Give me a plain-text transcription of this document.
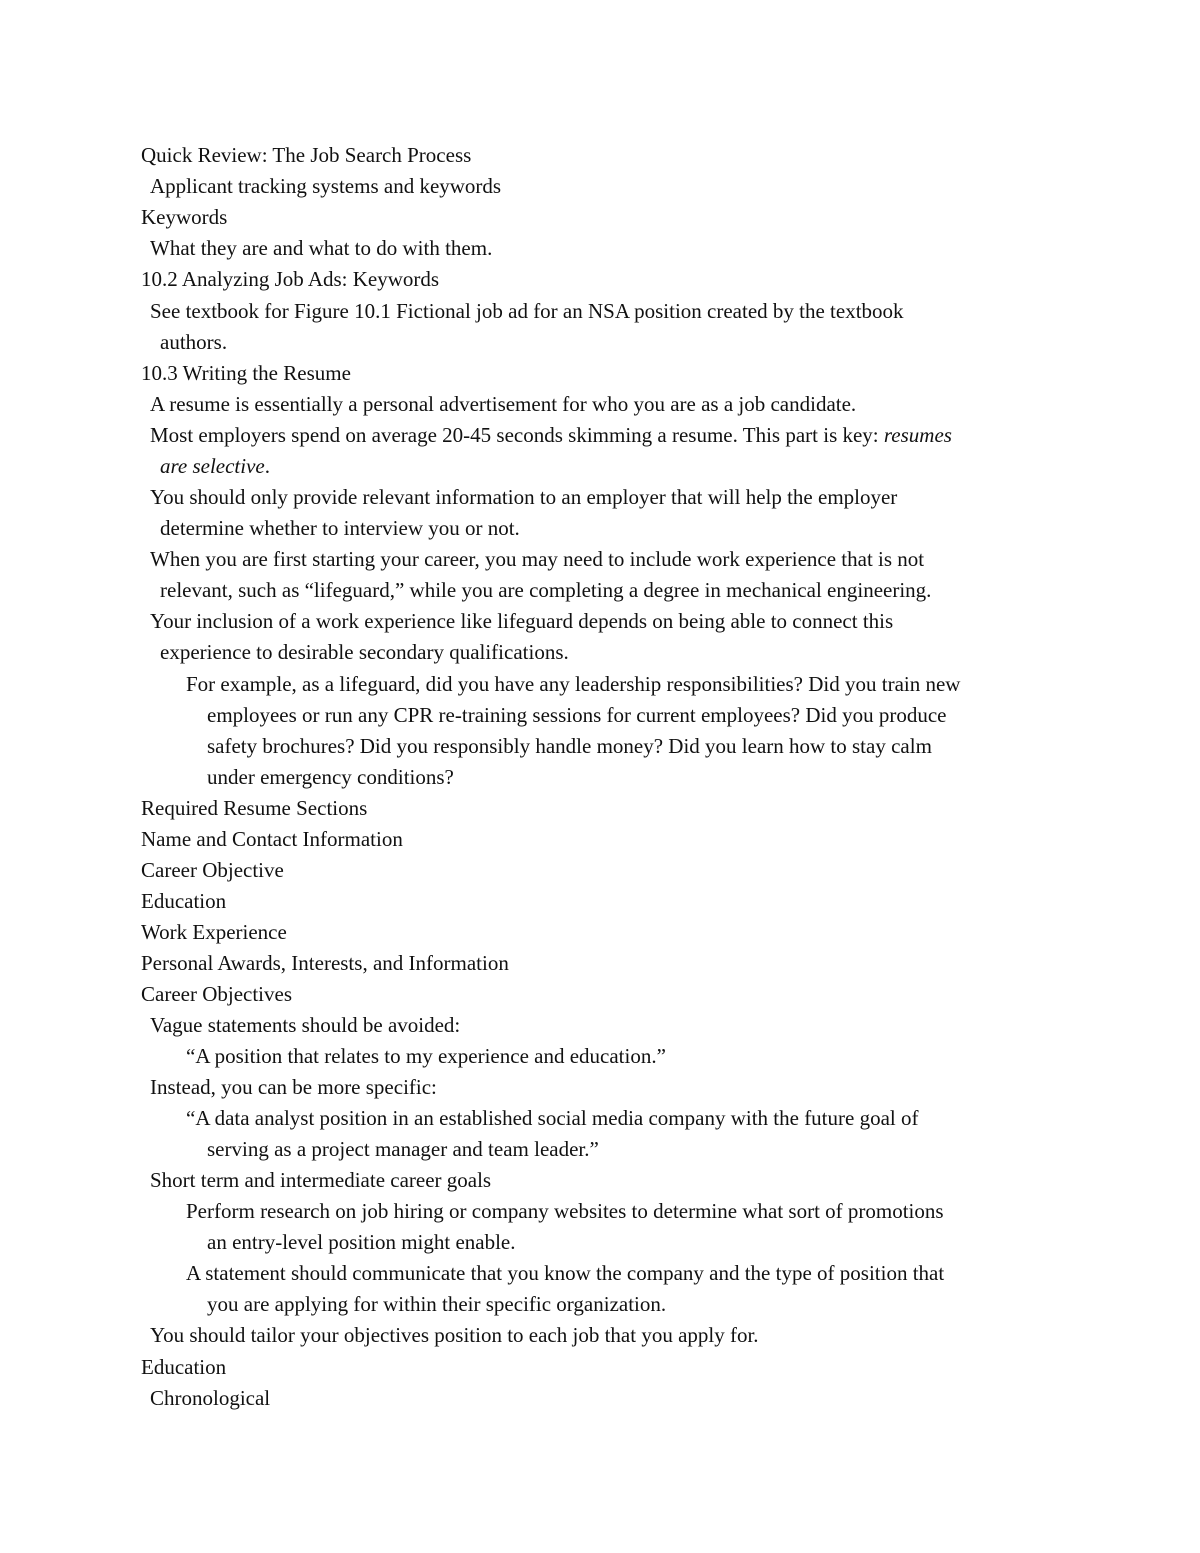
Quick Review: The Job Search Process
Applicant tracking systems and keywords
Keywords
What they are and what to do with them.
10.2 Analyzing Job Ads: Keywords
See textbook for Figure 10.1 Fictional job ad for an NSA position created by the textbook
authors.
10.3 Writing the Resume
A resume is essentially a personal advertisement for who you are as a job candidate.
Most employers spend on average 20-45 seconds skimming a resume. This part is key: resumes
are selective.
You should only provide relevant information to an employer that will help the employer
determine whether to interview you or not.
When you are first starting your career, you may need to include work experience that is not
relevant, such as “lifeguard,” while you are completing a degree in mechanical engineering.
Your inclusion of a work experience like lifeguard depends on being able to connect this
experience to desirable secondary qualifications.
For example, as a lifeguard, did you have any leadership responsibilities? Did you train new
employees or run any CPR re-training sessions for current employees? Did you produce
safety brochures? Did you responsibly handle money? Did you learn how to stay calm
under emergency conditions?
Required Resume Sections
Name and Contact Information
Career Objective
Education
Work Experience
Personal Awards, Interests, and Information
Career Objectives
Vague statements should be avoided:
“A position that relates to my experience and education.”
Instead, you can be more specific:
“A data analyst position in an established social media company with the future goal of
serving as a project manager and team leader.”
Short term and intermediate career goals
Perform research on job hiring or company websites to determine what sort of promotions
an entry-level position might enable.
A statement should communicate that you know the company and the type of position that
you are applying for within their specific organization.
You should tailor your objectives position to each job that you apply for.
Education
Chronological
